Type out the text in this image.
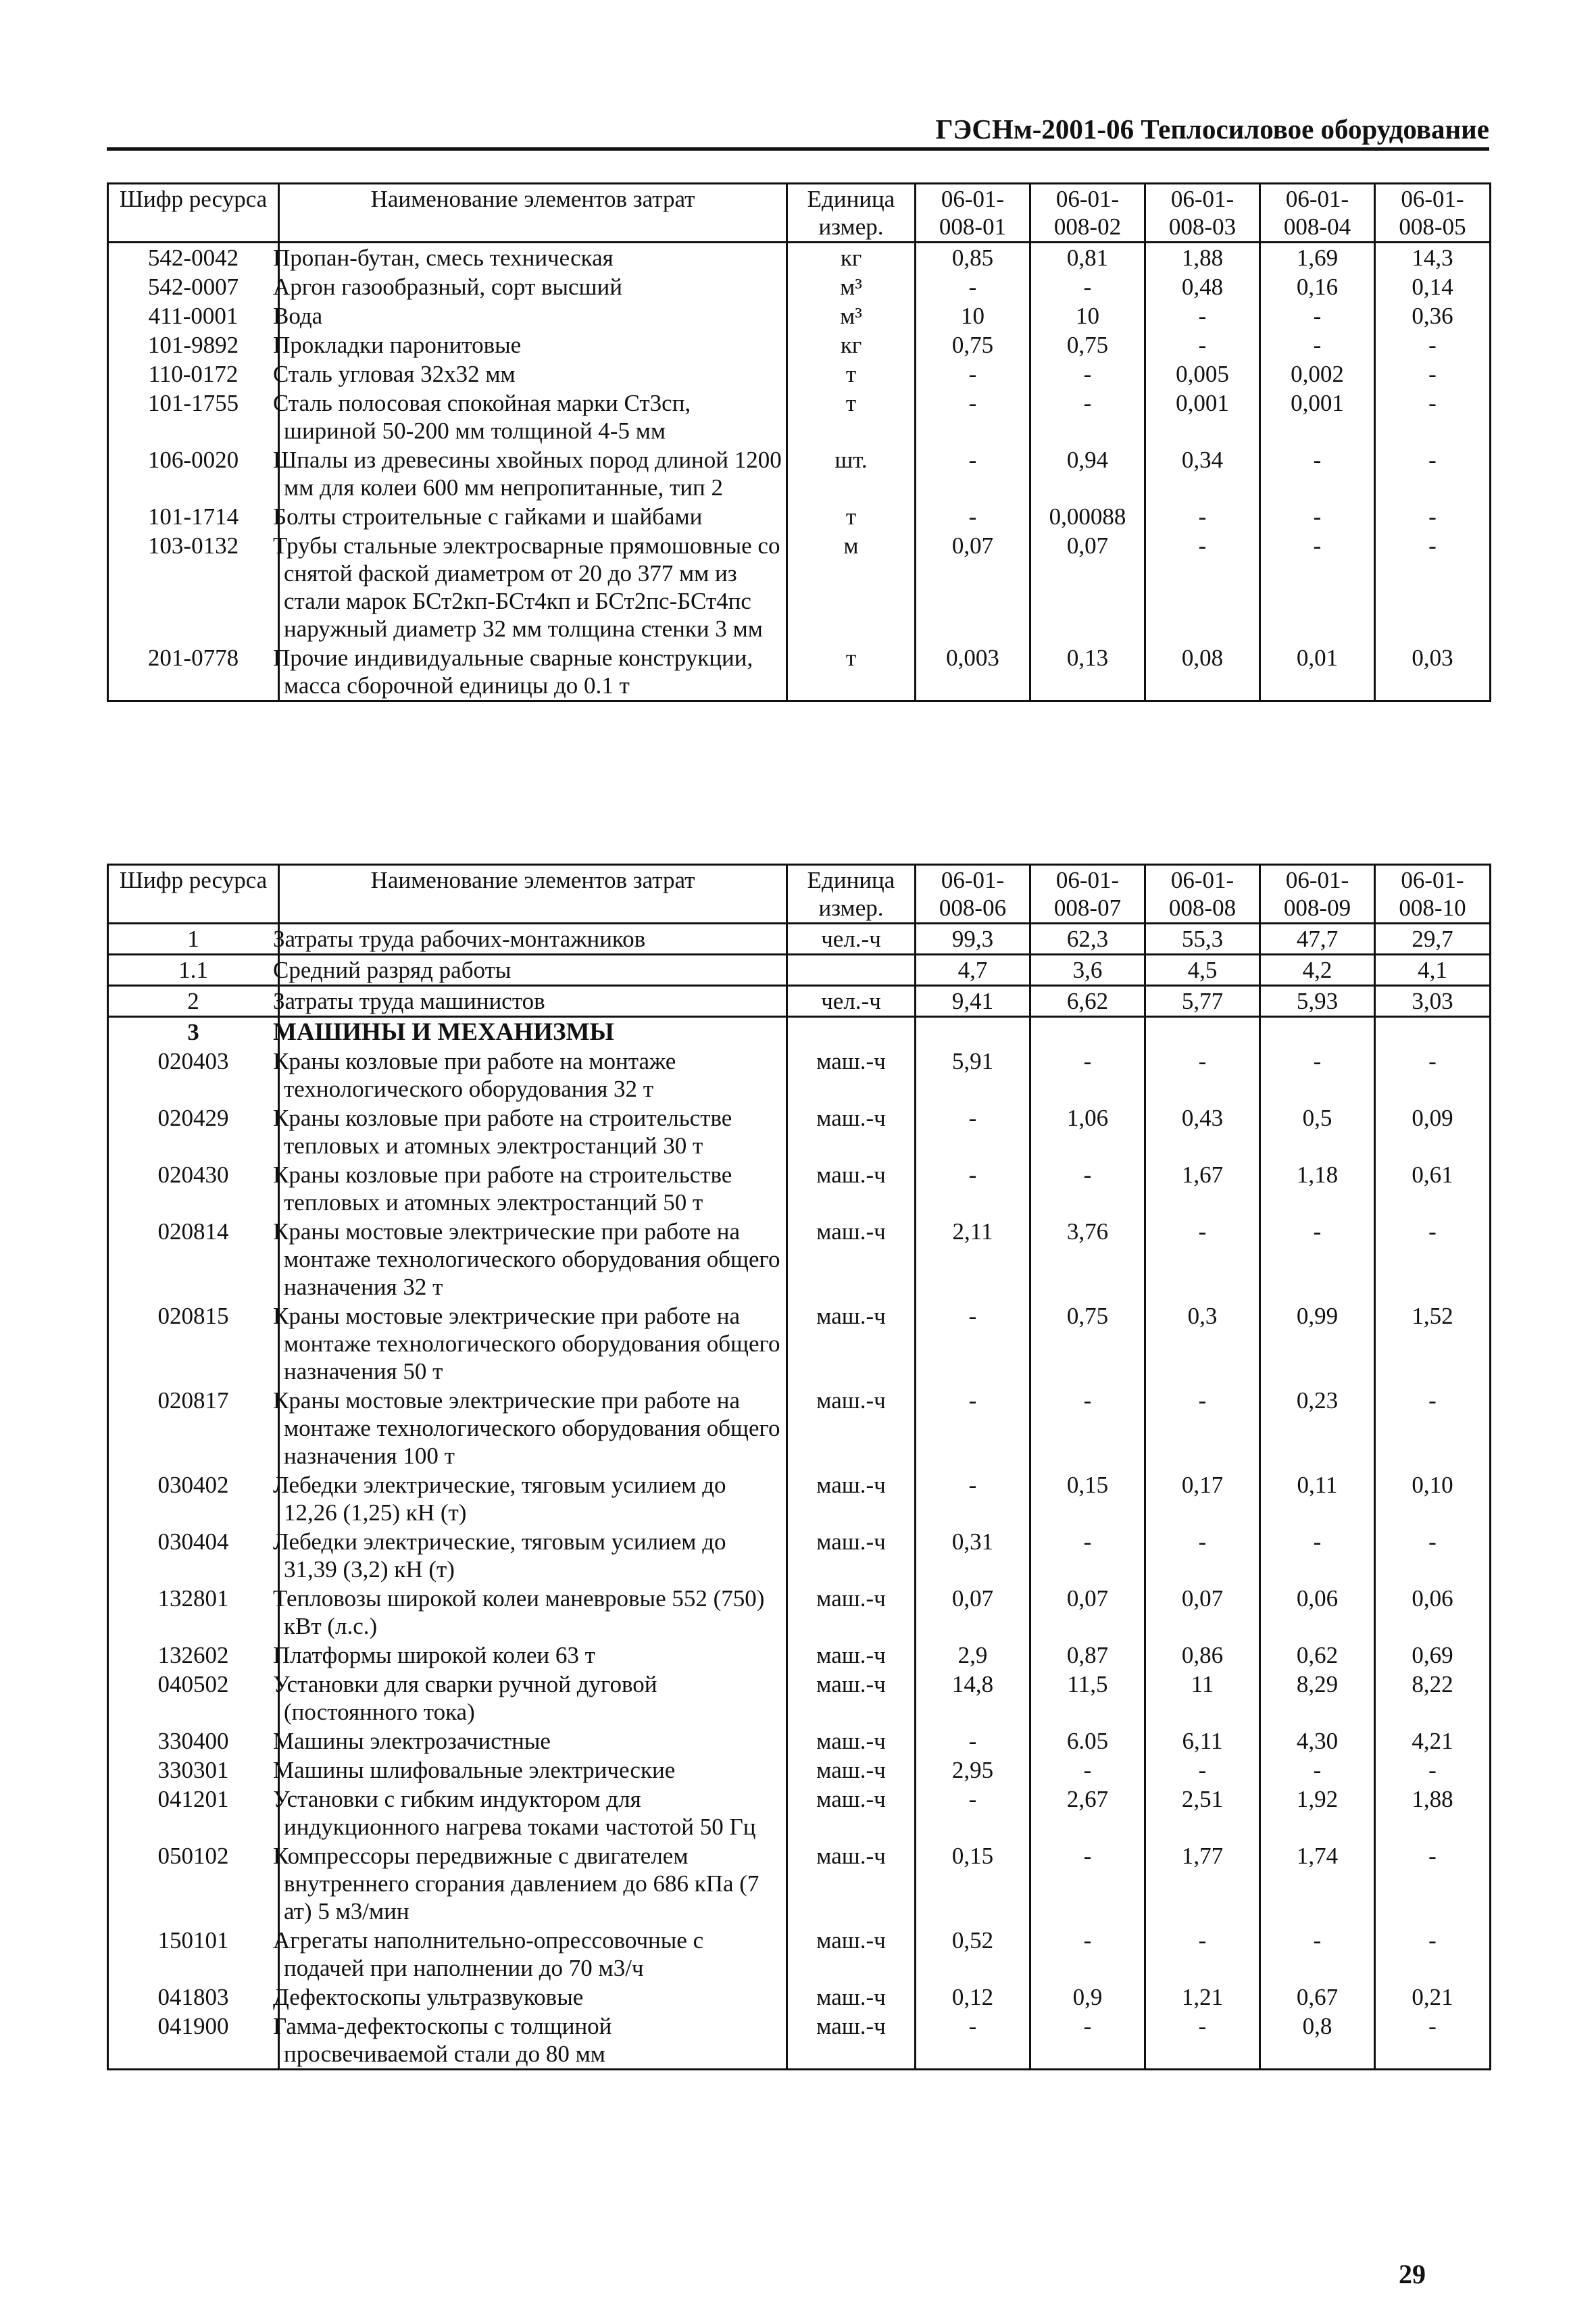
ГЭСНм-2001-06 Теплосиловое оборудование
Шифр ресурса	Наименование элементов затрат	Единица измер.	06-01-008-01	06-01-008-02	06-01-008-03	06-01-008-04	06-01-008-05
542-0042	Пропан-бутан, смесь техническая	кг	0,85	0,81	1,88	1,69	14,3
542-0007	Аргон газообразный, сорт высший	м³	-	-	0,48	0,16	0,14
411-0001	Вода	м³	10	10	-	-	0,36
101-9892	Прокладки паронитовые	кг	0,75	0,75	-	-	-
110-0172	Сталь угловая 32x32 мм	т	-	-	0,005	0,002	-
101-1755	Сталь полосовая спокойная марки Ст3сп, шириной 50-200 мм толщиной 4-5 мм	т	-	-	0,001	0,001	-
106-0020	Шпалы из древесины хвойных пород длиной 1200 мм для колеи 600 мм непропитанные, тип 2	шт.	-	0,94	0,34	-	-
101-1714	Болты строительные с гайками и шайбами	т	-	0,00088	-	-	-
103-0132	Трубы стальные электросварные прямошовные со снятой фаской диаметром от 20 до 377 мм из стали марок БСт2кп-БСт4кп и БСт2пс-БСт4пс наружный диаметр 32 мм толщина стенки 3 мм	м	0,07	0,07	-	-	-
201-0778	Прочие индивидуальные сварные конструкции, масса сборочной единицы до 0.1 т	т	0,003	0,13	0,08	0,01	0,03
Шифр ресурса	Наименование элементов затрат	Единица измер.	06-01-008-06	06-01-008-07	06-01-008-08	06-01-008-09	06-01-008-10
1	Затраты труда рабочих-монтажников	чел.-ч	99,3	62,3	55,3	47,7	29,7
1.1	Средний разряд работы		4,7	3,6	4,5	4,2	4,1
2	Затраты труда машинистов	чел.-ч	9,41	6,62	5,77	5,93	3,03
3	МАШИНЫ И МЕХАНИЗМЫ						
020403	Краны козловые при работе на монтаже технологического оборудования 32 т	маш.-ч	5,91	-	-	-	-
020429	Краны козловые при работе на строительстве тепловых и атомных электростанций 30 т	маш.-ч	-	1,06	0,43	0,5	0,09
020430	Краны козловые при работе на строительстве тепловых и атомных электростанций 50 т	маш.-ч	-	-	1,67	1,18	0,61
020814	Краны мостовые электрические при работе на монтаже технологического оборудования общего назначения 32 т	маш.-ч	2,11	3,76	-	-	-
020815	Краны мостовые электрические при работе на монтаже технологического оборудования общего назначения 50 т	маш.-ч	-	0,75	0,3	0,99	1,52
020817	Краны мостовые электрические при работе на монтаже технологического оборудования общего назначения 100 т	маш.-ч	-	-	-	0,23	-
030402	Лебедки электрические, тяговым усилием до 12,26 (1,25) кН (т)	маш.-ч	-	0,15	0,17	0,11	0,10
030404	Лебедки электрические, тяговым усилием до 31,39 (3,2) кН (т)	маш.-ч	0,31	-	-	-	-
132801	Тепловозы широкой колеи маневровые 552 (750) кВт (л.с.)	маш.-ч	0,07	0,07	0,07	0,06	0,06
132602	Платформы широкой колеи 63 т	маш.-ч	2,9	0,87	0,86	0,62	0,69
040502	Установки для сварки ручной дуговой (постоянного тока)	маш.-ч	14,8	11,5	11	8,29	8,22
330400	Машины электрозачистные	маш.-ч	-	6.05	6,11	4,30	4,21
330301	Машины шлифовальные электрические	маш.-ч	2,95	-	-	-	-
041201	Установки с гибким индуктором для индукционного нагрева токами частотой 50 Гц	маш.-ч	-	2,67	2,51	1,92	1,88
050102	Компрессоры передвижные с двигателем внутреннего сгорания давлением до 686 кПа (7 ат) 5 м3/мин	маш.-ч	0,15	-	1,77	1,74	-
150101	Агрегаты наполнительно-опрессовочные с подачей при наполнении до 70 м3/ч	маш.-ч	0,52	-	-	-	-
041803	Дефектоскопы ультразвуковые	маш.-ч	0,12	0,9	1,21	0,67	0,21
041900	Гамма-дефектоскопы с толщиной просвечиваемой стали до 80 мм	маш.-ч	-	-	-	0,8	-
29
